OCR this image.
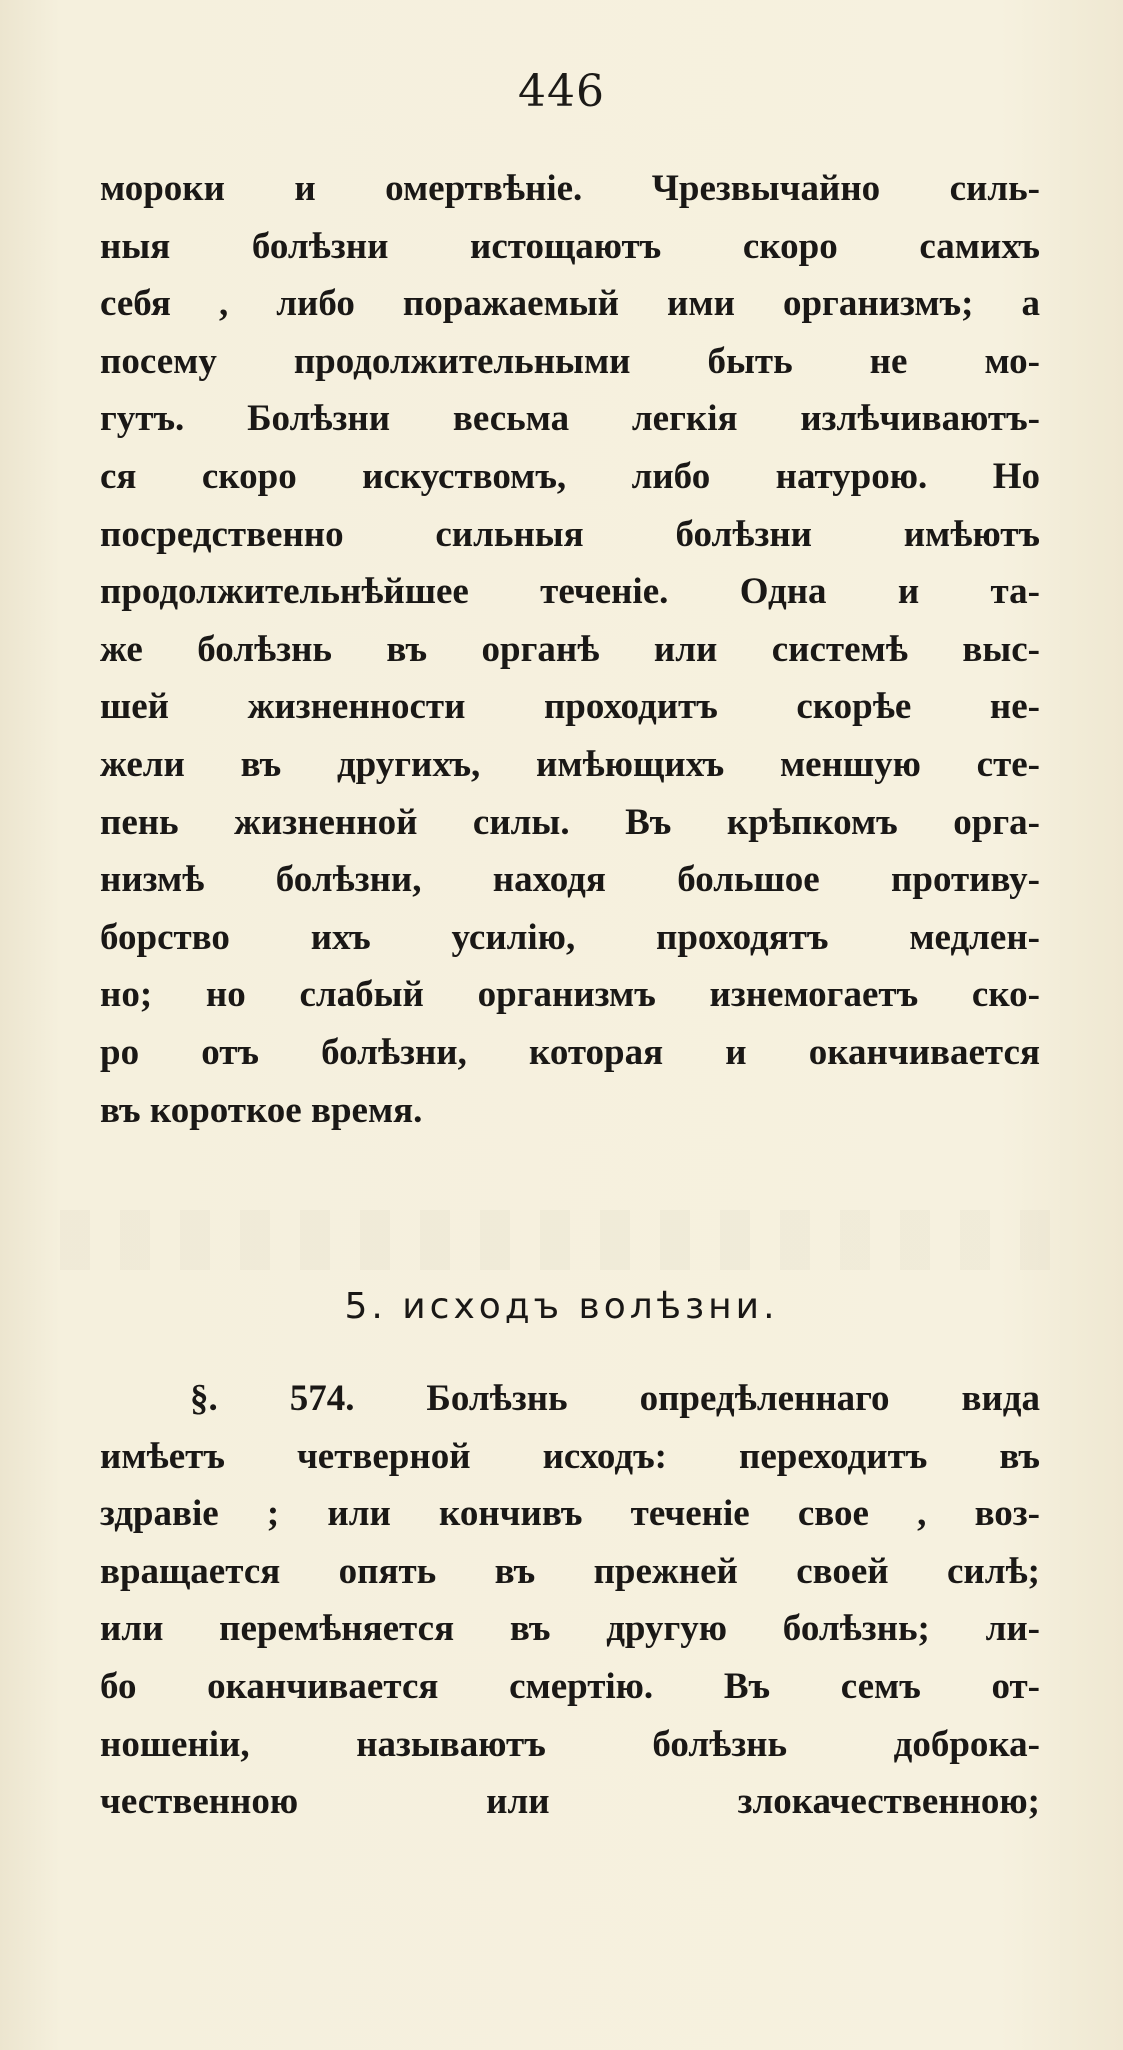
446
мороки и омертвѣніе. Чрезвычайно силь-
ныя болѣзни истощаютъ скоро самихъ
себя , либо поражаемый ими организмъ; а
посему продолжительными быть не мо-
гутъ. Болѣзни весьма легкія излѣчиваютъ-
ся скоро искуствомъ, либо натурою. Но
посредственно сильныя болѣзни имѣютъ
продолжительнѣйшее теченіе. Одна и та-
же болѣзнь въ органѣ или системѣ выс-
шей жизненности проходитъ скорѣе не-
жели въ другихъ, имѣющихъ меншую сте-
пень жизненной силы. Въ крѣпкомъ орга-
низмѣ болѣзни, находя большое противу-
борство ихъ усилію, проходятъ медлен-
но; но слабый организмъ изнемогаетъ ско-
ро отъ болѣзни, которая и оканчивается
въ короткое время.
5. исходъ волѣзни.
§. 574. Болѣзнь опредѣленнаго вида
имѣетъ четверной исходъ: переходитъ въ
здравіе ; или кончивъ теченіе свое , воз-
вращается опять въ прежней своей силѣ;
или перемѣняется въ другую болѣзнь; ли-
бо оканчивается смертію. Въ семъ от-
ношеніи, называютъ болѣзнь доброка-
чественною или злокачественною;
